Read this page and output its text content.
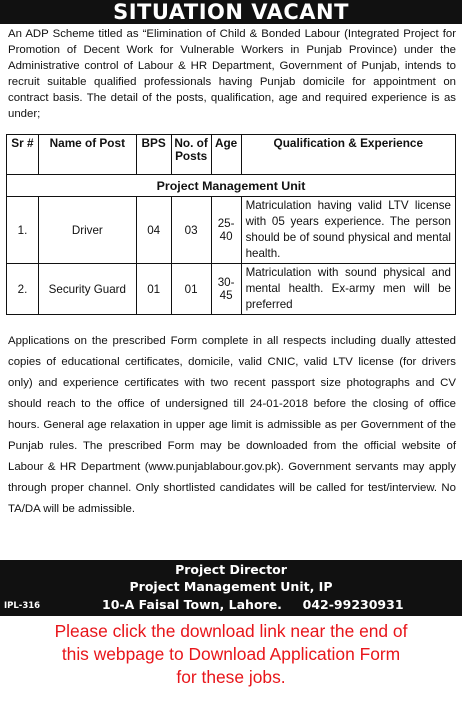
SITUATION VACANT

An ADP Scheme titled as “Elimination of Child & Bonded Labour (Integrated Project for Promotion of Decent Work for Vulnerable Workers in Punjab Province) under the Administrative control of Labour & HR Department, Government of Punjab, intends to recruit suitable qualified professionals having Punjab domicile for appointment on contract basis. The detail of the posts, qualification, age and required experience is as under;

Sr #	Name of Post	BPS	No. of Posts	Age	Qualification & Experience
Project Management Unit					
1.	Driver	04	03	25-40	Matriculation having valid LTV license with 05 years experience. The person should be of sound physical and mental health.
2.	Security Guard	01	01	30-45	Matriculation with sound physical and mental health. Ex-army men will be preferred

Applications on the prescribed Form complete in all respects including dually attested copies of educational certificates, domicile, valid CNIC, valid LTV license (for drivers only) and experience certificates with two recent passport size photographs and CV should reach to the office of undersigned till 24-01-2018 before the closing of office hours. General age relaxation in upper age limit is admissible as per Government of the Punjab rules. The prescribed Form may be downloaded from the official website of Labour & HR Department (www.punjablabour.gov.pk). Government servants may apply through proper channel. Only shortlisted candidates will be called for test/interview. No TA/DA will be admissible.

Project Director
Project Management Unit, IP
IPL-316	10-A Faisal Town, Lahore. 042-99230931
Please click the download link near the end of
this webpage to Download Application Form
for these jobs.
